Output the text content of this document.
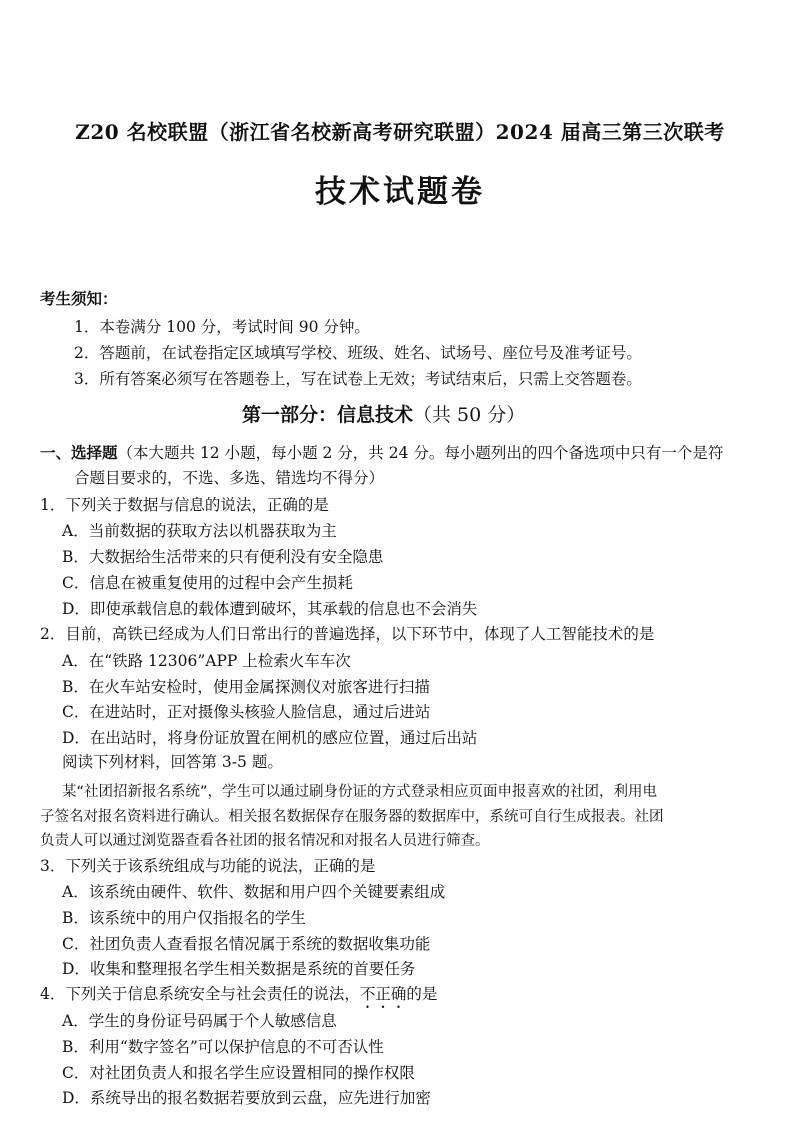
Z20 名校联盟（浙江省名校新高考研究联盟）2024 届高三第三次联考
技术试题卷
考生须知：
1．本卷满分 100 分，考试时间 90 分钟。
2．答题前，在试卷指定区域填写学校、班级、姓名、试场号、座位号及准考证号。
3．所有答案必须写在答题卷上，写在试卷上无效；考试结束后，只需上交答题卷。
第一部分：信息技术（共 50 分）
一、选择题（本大题共 12 小题，每小题 2 分，共 24 分。每小题列出的四个备选项中只有一个是符
合题目要求的，不选、多选、错选均不得分）
1．下列关于数据与信息的说法，正确的是
A．当前数据的获取方法以机器获取为主
B．大数据给生活带来的只有便利没有安全隐患
C．信息在被重复使用的过程中会产生损耗
D．即使承载信息的载体遭到破坏，其承载的信息也不会消失
2．目前，高铁已经成为人们日常出行的普遍选择，以下环节中，体现了人工智能技术的是
A．在“铁路 12306”APP 上检索火车车次
B．在火车站安检时，使用金属探测仪对旅客进行扫描
C．在进站时，正对摄像头核验人脸信息，通过后进站
D．在出站时，将身份证放置在闸机的感应位置，通过后出站
阅读下列材料，回答第 3-5 题。
某“社团招新报名系统”，学生可以通过刷身份证的方式登录相应页面申报喜欢的社团，利用电
子签名对报名资料进行确认。相关报名数据保存在服务器的数据库中，系统可自行生成报表。社团
负责人可以通过浏览器查看各社团的报名情况和对报名人员进行筛查。
3．下列关于该系统组成与功能的说法，正确的是
A．该系统由硬件、软件、数据和用户四个关键要素组成
B．该系统中的用户仅指报名的学生
C．社团负责人查看报名情况属于系统的数据收集功能
D．收集和整理报名学生相关数据是系统的首要任务
4．下列关于信息系统安全与社会责任的说法，不正确的是
A．学生的身份证号码属于个人敏感信息
B．利用“数字签名”可以保护信息的不可否认性
C．对社团负责人和报名学生应设置相同的操作权限
D．系统导出的报名数据若要放到云盘，应先进行加密
